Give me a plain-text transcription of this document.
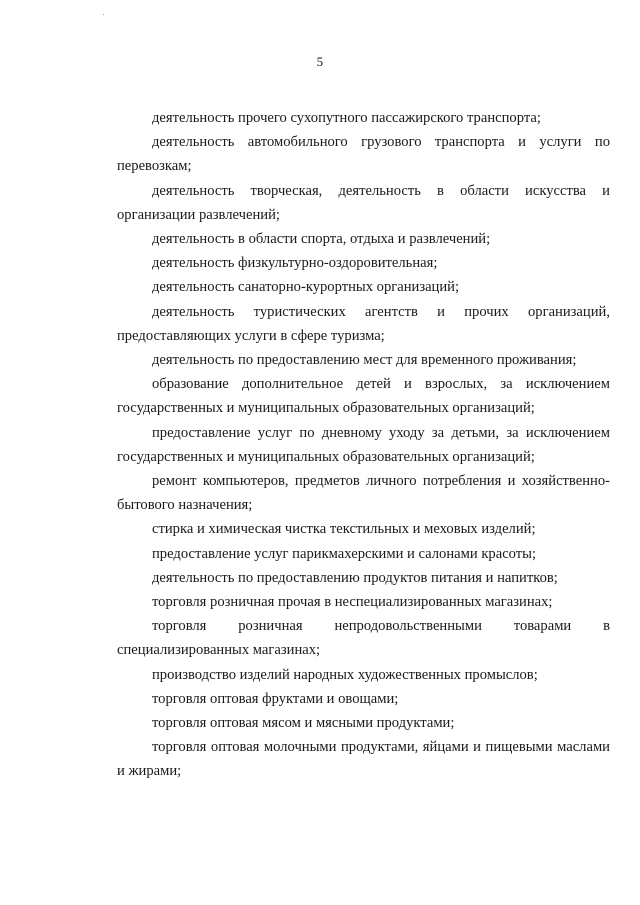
5

деятельность прочего сухопутного пассажирского транспорта;

деятельность автомобильного грузового транспорта и услуги по перевозкам;

деятельность творческая, деятельность в области искусства и организации развлечений;

деятельность в области спорта, отдыха и развлечений;

деятельность физкультурно-оздоровительная;

деятельность санаторно-курортных организаций;

деятельность туристических агентств и прочих организаций, предоставляющих услуги в сфере туризма;

деятельность по предоставлению мест для временного проживания;

образование дополнительное детей и взрослых, за исключением государственных и муниципальных образовательных организаций;

предоставление услуг по дневному уходу за детьми, за исключением государственных и муниципальных образовательных организаций;

ремонт компьютеров, предметов личного потребления и хозяйственно-бытового назначения;

стирка и химическая чистка текстильных и меховых изделий;

предоставление услуг парикмахерскими и салонами красоты;

деятельность по предоставлению продуктов питания и напитков;

торговля розничная прочая в неспециализированных магазинах;

торговля розничная непродовольственными товарами в специализированных магазинах;

производство изделий народных художественных промыслов;

торговля оптовая фруктами и овощами;

торговля оптовая мясом и мясными продуктами;

торговля оптовая молочными продуктами, яйцами и пищевыми маслами и жирами;
